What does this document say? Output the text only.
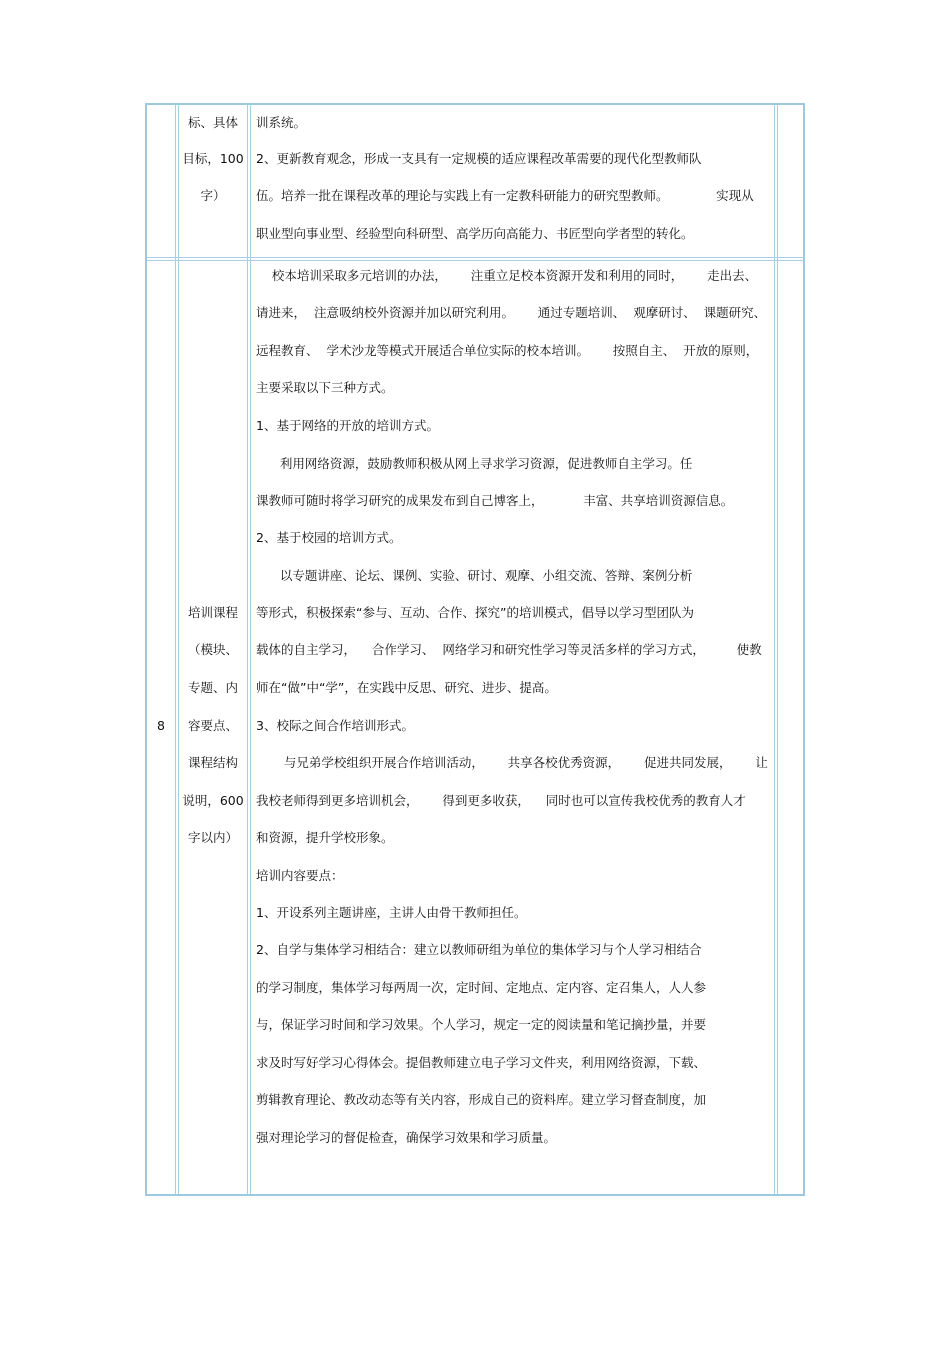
标、具体
目标，100
字）
训系统。
2、更新教育观念，形成一支具有一定规模的适应课程改革需要的现代化型教师队
伍。培养一批在课程改革的理论与实践上有一定教科研能力的研究型教师。            实现从
职业型向事业型、经验型向科研型、高学历向高能力、书匠型向学者型的转化。
8
培训课程
（模块、
专题、内
容要点、
课程结构
说明，600
字以内）
校本培训采取多元培训的办法，      注重立足校本资源开发和利用的同时，      走出去、
请进来，  注意吸纳校外资源并加以研究利用。      通过专题培训、  观摩研讨、  课题研究、
远程教育、  学术沙龙等模式开展适合单位实际的校本培训。      按照自主、  开放的原则，
主要采取以下三种方式。
1、基于网络的开放的培训方式。
利用网络资源，鼓励教师积极从网上寻求学习资源，促进教师自主学习。任
课教师可随时将学习研究的成果发布到自己博客上，          丰富、共享培训资源信息。
2、基于校园的培训方式。
以专题讲座、论坛、课例、实验、研讨、观摩、小组交流、答辩、案例分析
等形式，积极探索“参与、互动、合作、探究”的培训模式，倡导以学习型团队为
载体的自主学习，    合作学习、  网络学习和研究性学习等灵活多样的学习方式，        使教
师在“做”中“学”，在实践中反思、研究、进步、提高。
3、校际之间合作培训形式。
与兄弟学校组织开展合作培训活动，      共享各校优秀资源，      促进共同发展，      让
我校老师得到更多培训机会，      得到更多收获，    同时也可以宣传我校优秀的教育人才
和资源，提升学校形象。
培训内容要点：
1、开设系列主题讲座，主讲人由骨干教师担任。
2、自学与集体学习相结合：建立以教师研组为单位的集体学习与个人学习相结合
的学习制度，集体学习每两周一次，定时间、定地点、定内容、定召集人，人人参
与，保证学习时间和学习效果。个人学习，规定一定的阅读量和笔记摘抄量，并要
求及时写好学习心得体会。提倡教师建立电子学习文件夹，利用网络资源，下载、
剪辑教育理论、教改动态等有关内容，形成自己的资料库。建立学习督查制度，加
强对理论学习的督促检查，确保学习效果和学习质量。
